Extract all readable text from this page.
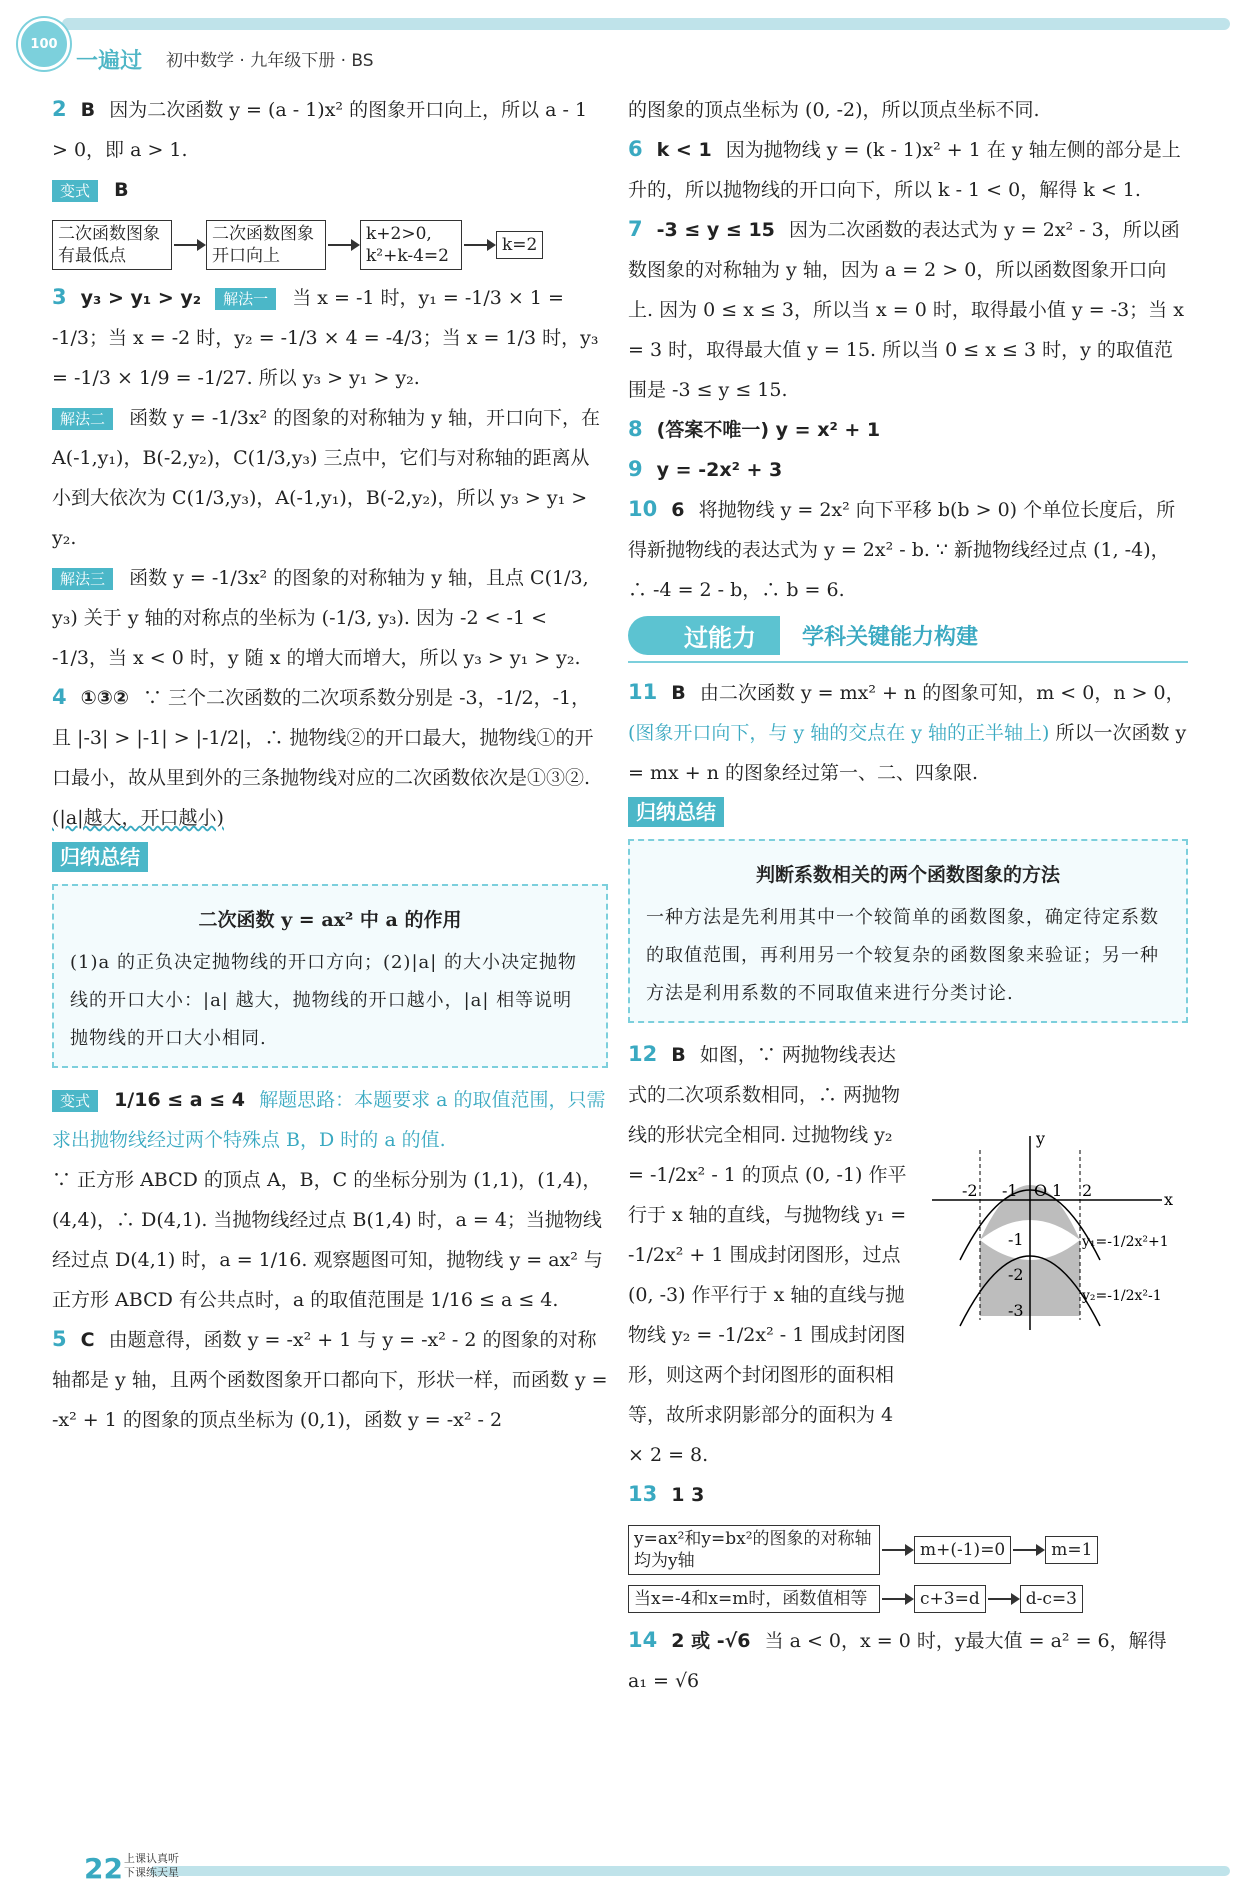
100
一遍过 初中数学 · 九年级下册 · BS

2 B 因为二次函数 y = (a - 1)x² 的图象开口向上，所以 a - 1 > 0，即 a > 1.

变式 B

二次函数图象有最低点
二次函数图象开口向上
k+2>0, k²+k-4=2
k=2

3 y₃ > y₁ > y₂ 解法一 当 x = -1 时，y₁ = -1/3 × 1 = -1/3；当 x = -2 时，y₂ = -1/3 × 4 = -4/3；当 x = 1/3 时，y₃ = -1/3 × 1/9 = -1/27. 所以 y₃ > y₁ > y₂.

解法二 函数 y = -1/3x² 的图象的对称轴为 y 轴，开口向下，在 A(-1,y₁)，B(-2,y₂)，C(1/3,y₃) 三点中，它们与对称轴的距离从小到大依次为 C(1/3,y₃)，A(-1,y₁)，B(-2,y₂)，所以 y₃ > y₁ > y₂.

解法三 函数 y = -1/3x² 的图象的对称轴为 y 轴，且点 C(1/3, y₃) 关于 y 轴的对称点的坐标为 (-1/3, y₃). 因为 -2 < -1 < -1/3，当 x < 0 时，y 随 x 的增大而增大，所以 y₃ > y₁ > y₂.

4 ①③② ∵ 三个二次函数的二次项系数分别是 -3，-1/2，-1，且 |-3| > |-1| > |-1/2|，∴ 抛物线②的开口最大，抛物线①的开口最小，故从里到外的三条抛物线对应的二次函数依次是①③②. (|a|越大，开口越小)

归纳总结
二次函数 y = ax² 中 a 的作用
(1)a 的正负决定抛物线的开口方向；(2)|a| 的大小决定抛物线的开口大小：|a| 越大，抛物线的开口越小，|a| 相等说明抛物线的开口大小相同.

变式 1/16 ≤ a ≤ 4 解题思路：本题要求 a 的取值范围，只需求出抛物线经过两个特殊点 B，D 时的 a 的值.

∵ 正方形 ABCD 的顶点 A，B，C 的坐标分别为 (1,1)，(1,4)，(4,4)，∴ D(4,1). 当抛物线经过点 B(1,4) 时，a = 4；当抛物线经过点 D(4,1) 时，a = 1/16. 观察题图可知，抛物线 y = ax² 与正方形 ABCD 有公共点时，a 的取值范围是 1/16 ≤ a ≤ 4.

5 C 由题意得，函数 y = -x² + 1 与 y = -x² - 2 的图象的对称轴都是 y 轴，且两个函数图象开口都向下，形状一样，而函数 y = -x² + 1 的图象的顶点坐标为 (0,1)，函数 y = -x² - 2

的图象的顶点坐标为 (0, -2)，所以顶点坐标不同.

6 k < 1 因为抛物线 y = (k - 1)x² + 1 在 y 轴左侧的部分是上升的，所以抛物线的开口向下，所以 k - 1 < 0，解得 k < 1.

7 -3 ≤ y ≤ 15 因为二次函数的表达式为 y = 2x² - 3，所以函数图象的对称轴为 y 轴，因为 a = 2 > 0，所以函数图象开口向上. 因为 0 ≤ x ≤ 3，所以当 x = 0 时，取得最小值 y = -3；当 x = 3 时，取得最大值 y = 15. 所以当 0 ≤ x ≤ 3 时，y 的取值范围是 -3 ≤ y ≤ 15.

8 (答案不唯一) y = x² + 1

9 y = -2x² + 3

10 6 将抛物线 y = 2x² 向下平移 b(b > 0) 个单位长度后，所得新抛物线的表达式为 y = 2x² - b. ∵ 新抛物线经过点 (1, -4)，∴ -4 = 2 - b，∴ b = 6.

过能力	学科关键能力构建

11 B 由二次函数 y = mx² + n 的图象可知，m < 0，n > 0， (图象开口向下，与 y 轴的交点在 y 轴的正半轴上) 所以一次函数 y = mx + n 的图象经过第一、二、四象限.

归纳总结
判断系数相关的两个函数图象的方法
一种方法是先利用其中一个较简单的函数图象，确定待定系数的取值范围，再利用另一个较复杂的函数图象来验证；另一种方法是利用系数的不同取值来进行分类讨论.

12 B 如图，∵ 两抛物线表达式的二次项系数相同，∴ 两抛物线的形状完全相同. 过抛物线 y₂ = -1/2x² - 1 的顶点 (0, -1) 作平行于 x 轴的直线，与抛物线 y₁ = -1/2x² + 1 围成封闭图形，过点 (0, -3) 作平行于 x 轴的直线与抛物线 y₂ = -1/2x² - 1 围成封闭图形，则这两个封闭图形的面积相等，故所求阴影部分的面积为 4 × 2 = 8.

13 1 3

y=ax²和y=bx²的图象的对称轴均为y轴
m+(-1)=0	m=1
当x=-4和x=m时，函数值相等	c+3=d	d-c=3

14 2 或 -√6 当 a < 0，x = 0 时，y最大值 = a² = 6，解得 a₁ = √6

x
y
O
-2 -1 1 2
-1
-2
-3
y₁=-1/2x²+1
y₂=-1/2x²-1
22 上课认真听
下课练天星
